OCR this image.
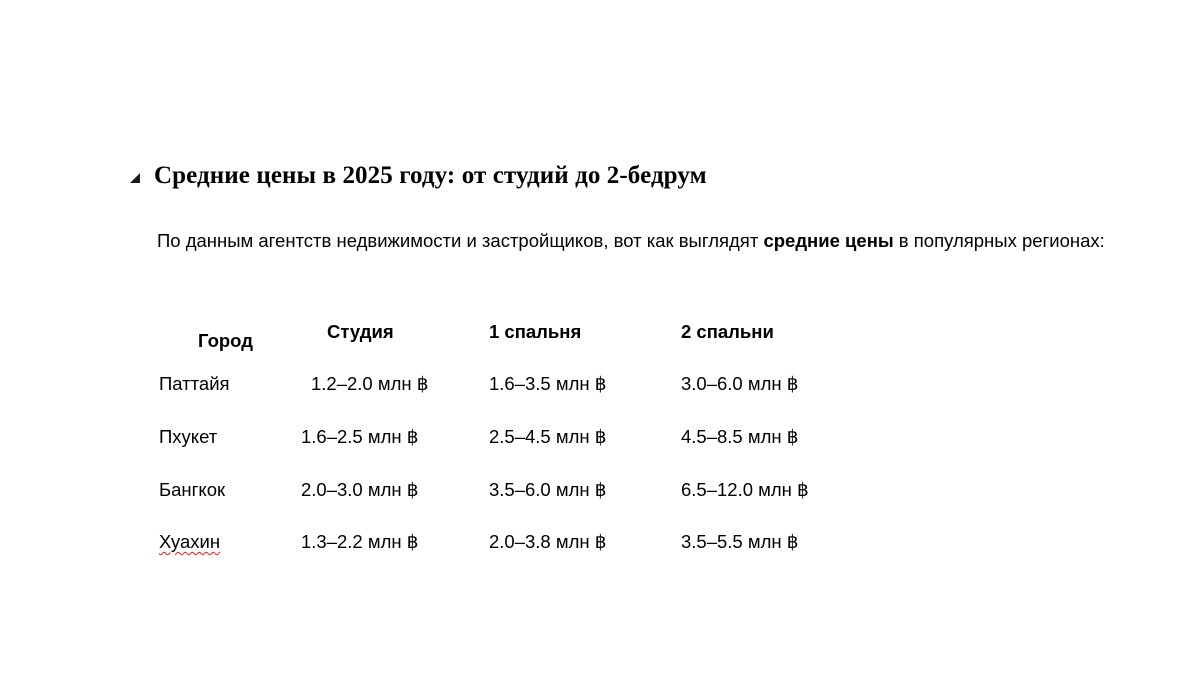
Средние цены в 2025 году: от студий до 2-бедрум

По данным агентств недвижимости и застройщиков, вот как выглядят средние цены в популярных регионах:

Город	Студия	1 спальня	2 спальни
Паттайя	1.2–2.0 млн ฿	1.6–3.5 млн ฿	3.0–6.0 млн ฿
Пхукет	1.6–2.5 млн ฿	2.5–4.5 млн ฿	4.5–8.5 млн ฿
Бангкок	2.0–3.0 млн ฿	3.5–6.0 млн ฿	6.5–12.0 млн ฿
Хуахин	1.3–2.2 млн ฿	2.0–3.8 млн ฿	3.5–5.5 млн ฿
